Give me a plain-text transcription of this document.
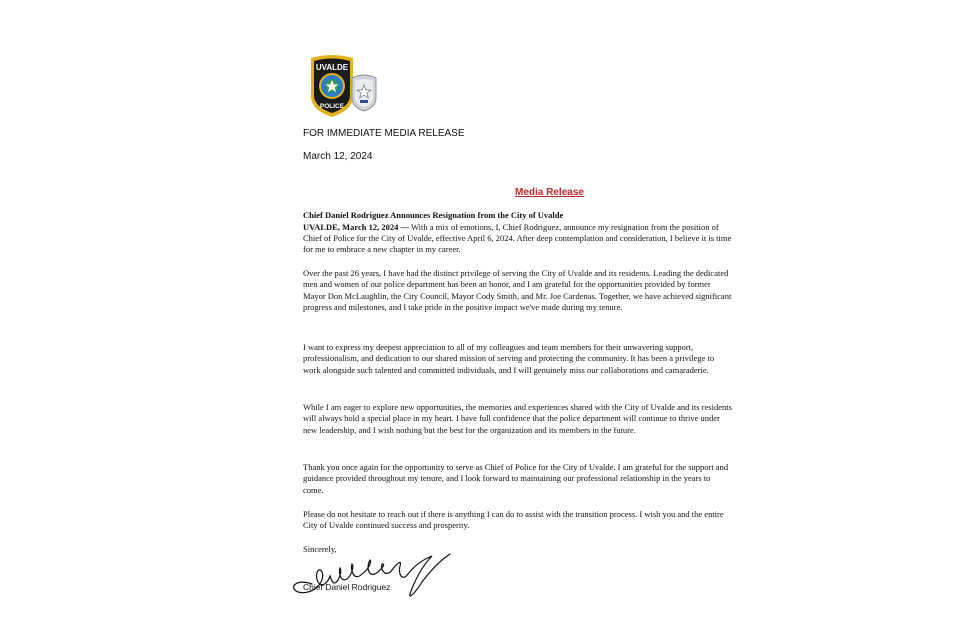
UVALDE
POLICE
FOR IMMEDIATE MEDIA RELEASE
March 12, 2024
Media Release
Chief Daniel Rodriguez Announces Resignation from the City of Uvalde
UVALDE, March 12, 2024 — With a mix of emotions, I, Chief Rodriguez, announce my resignation from the position of Chief of Police for the City of Uvalde, effective April 6, 2024. After deep contemplation and consideration, I believe it is time for me to embrace a new chapter in my career.
Over the past 26 years, I have had the distinct privilege of serving the City of Uvalde and its residents. Leading the dedicated men and women of our police department has been an honor, and I am grateful for the opportunities provided by former Mayor Don McLaughlin, the City Council, Mayor Cody Smith, and Mr. Joe Cardenas. Together, we have achieved significant progress and milestones, and I take pride in the positive impact we've made during my tenure.
I want to express my deepest appreciation to all of my colleagues and team members for their unwavering support, professionalism, and dedication to our shared mission of serving and protecting the community. It has been a privilege to work alongside such talented and committed individuals, and I will genuinely miss our collaborations and camaraderie.
While I am eager to explore new opportunities, the memories and experiences shared with the City of Uvalde and its residents will always hold a special place in my heart. I have full confidence that the police department will continue to thrive under new leadership, and I wish nothing but the best for the organization and its members in the future.
Thank you once again for the opportunity to serve as Chief of Police for the City of Uvalde. I am grateful for the support and guidance provided throughout my tenure, and I look forward to maintaining our professional relationship in the years to come.
Please do not hesitate to reach out if there is anything I can do to assist with the transition process. I wish you and the entire City of Uvalde continued success and prosperity.
Sincerely,
Chief Daniel Rodriguez
